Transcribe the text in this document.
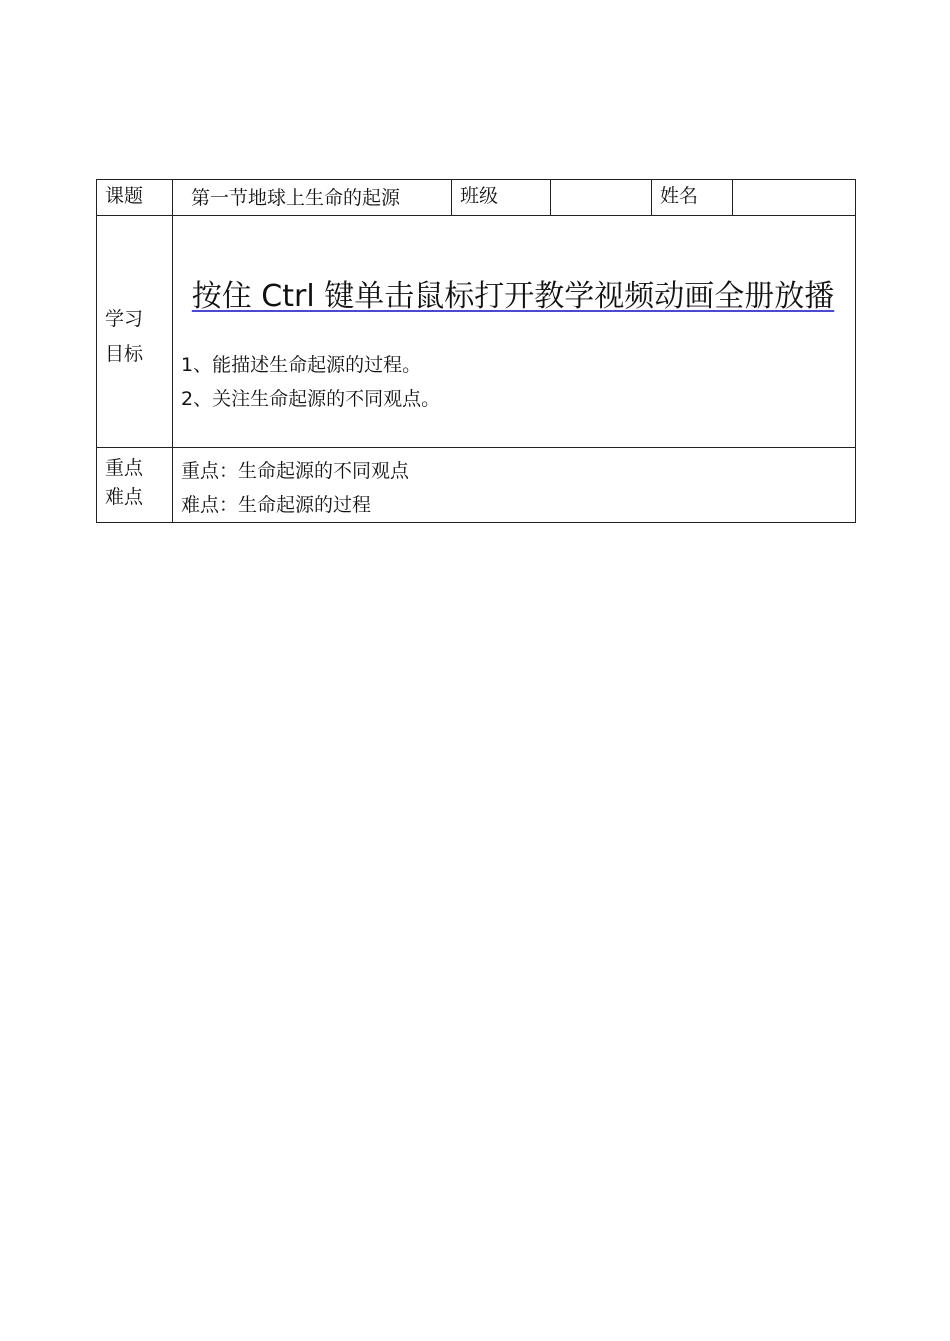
课题	第一节地球上生命的起源	班级		姓名	

学习
目标	按住 Ctrl 键单击鼠标打开教学视频动画全册放播
1、能描述生命起源的过程。
2、关注生命起源的不同观点。				

重点
难点	重点：生命起源的不同观点
难点：生命起源的过程				
